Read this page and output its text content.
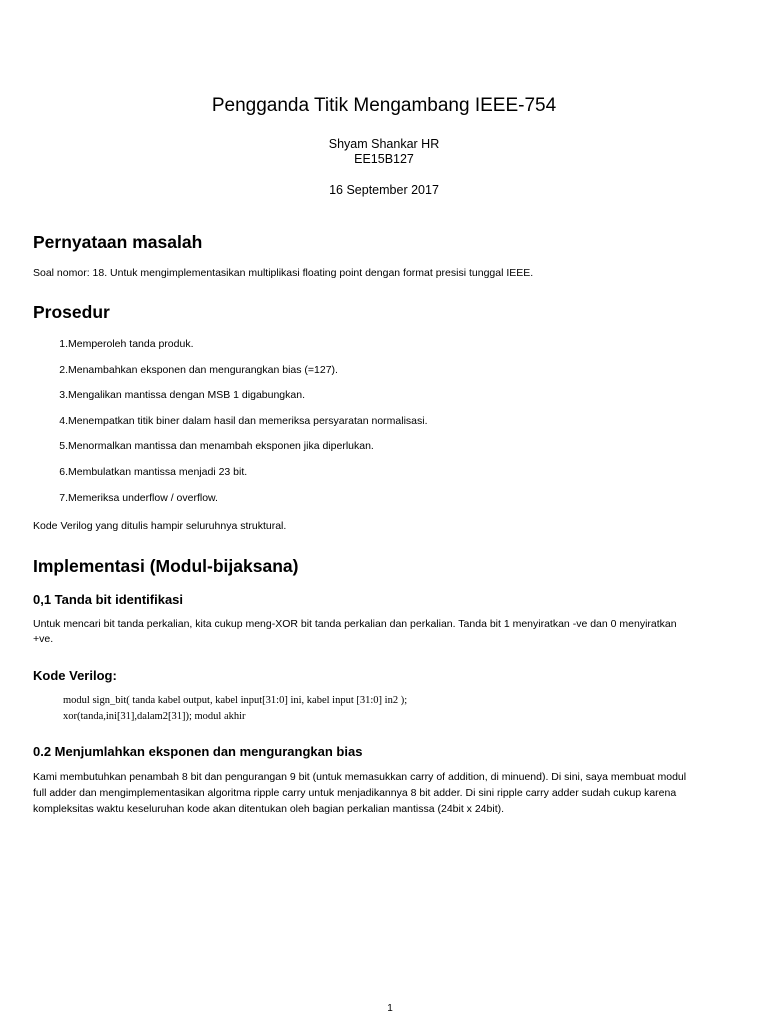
Pengganda Titik Mengambang IEEE-754
Shyam Shankar HR
EE15B127
16 September 2017
Pernyataan masalah
Soal nomor: 18. Untuk mengimplementasikan multiplikasi floating point dengan format presisi tunggal IEEE.
Prosedur
1.Memperoleh tanda produk.
2.Menambahkan eksponen dan mengurangkan bias (=127).
3.Mengalikan mantissa dengan MSB 1 digabungkan.
4.Menempatkan titik biner dalam hasil dan memeriksa persyaratan normalisasi.
5.Menormalkan mantissa dan menambah eksponen jika diperlukan.
6.Membulatkan mantissa menjadi 23 bit.
7.Memeriksa underflow / overflow.
Kode Verilog yang ditulis hampir seluruhnya struktural.
Implementasi (Modul-bijaksana)
0,1 Tanda bit identifikasi
Untuk mencari bit tanda perkalian, kita cukup meng-XOR bit tanda perkalian dan perkalian. Tanda bit 1 menyiratkan -ve dan 0 menyiratkan
+ve.
Kode Verilog:
modul sign_bit( tanda kabel output, kabel input[31:0] ini, kabel input [31:0] in2 );
xor(tanda,ini[31],dalam2[31]); modul akhir
0.2 Menjumlahkan eksponen dan mengurangkan bias
Kami membutuhkan penambah 8 bit dan pengurangan 9 bit (untuk memasukkan carry of addition, di minuend). Di sini, saya membuat modul
full adder dan mengimplementasikan algoritma ripple carry untuk menjadikannya 8 bit adder. Di sini ripple carry adder sudah cukup karena
kompleksitas waktu keseluruhan kode akan ditentukan oleh bagian perkalian mantissa (24bit x 24bit).
1
